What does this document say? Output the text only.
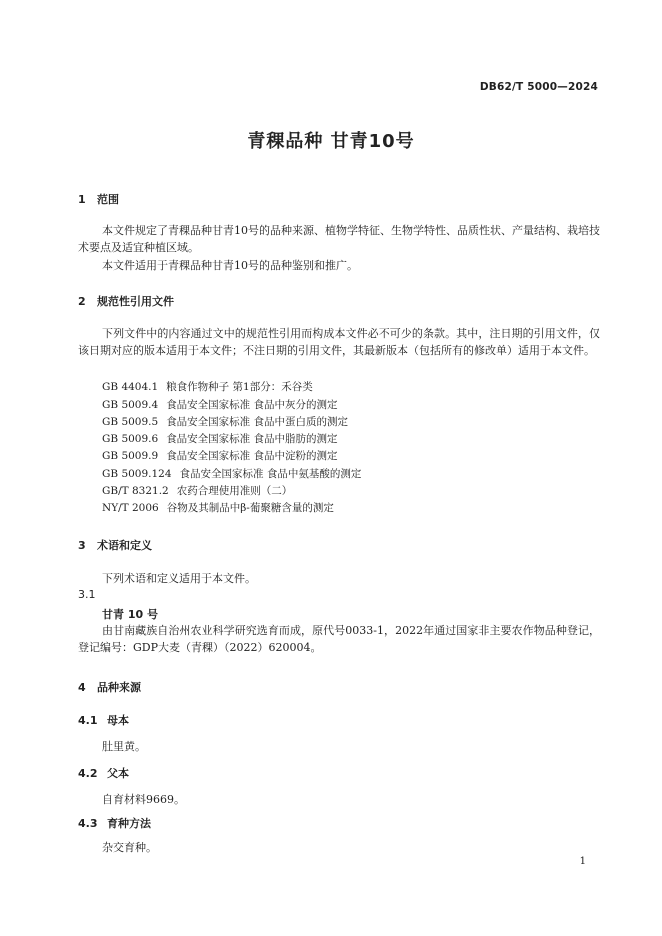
DB62/T 5000—2024
青稞品种 甘青10号
1 范围
本文件规定了青稞品种甘青10号的品种来源、植物学特征、生物学特性、品质性状、产量结构、栽培技术要点及适宜种植区域。
本文件适用于青稞品种甘青10号的品种鉴别和推广。
2 规范性引用文件
下列文件中的内容通过文中的规范性引用而构成本文件必不可少的条款。其中，注日期的引用文件，仅该日期对应的版本适用于本文件；不注日期的引用文件，其最新版本（包括所有的修改单）适用于本文件。
GB 4404.1 粮食作物种子 第1部分：禾谷类
GB 5009.4 食品安全国家标准 食品中灰分的测定
GB 5009.5 食品安全国家标准 食品中蛋白质的测定
GB 5009.6 食品安全国家标准 食品中脂肪的测定
GB 5009.9 食品安全国家标准 食品中淀粉的测定
GB 5009.124 食品安全国家标准 食品中氨基酸的测定
GB/T 8321.2 农药合理使用准则（二）
NY/T 2006 谷物及其制品中β-葡聚糖含量的测定
3 术语和定义
下列术语和定义适用于本文件。
3.1
甘青 10 号
由甘南藏族自治州农业科学研究选育而成，原代号0033-1，2022年通过国家非主要农作物品种登记，登记编号：GDP大麦（青稞）（2022）620004。
4 品种来源
4.1 母本
肚里黄。
4.2 父本
自育材料9669。
4.3 育种方法
杂交育种。
1
